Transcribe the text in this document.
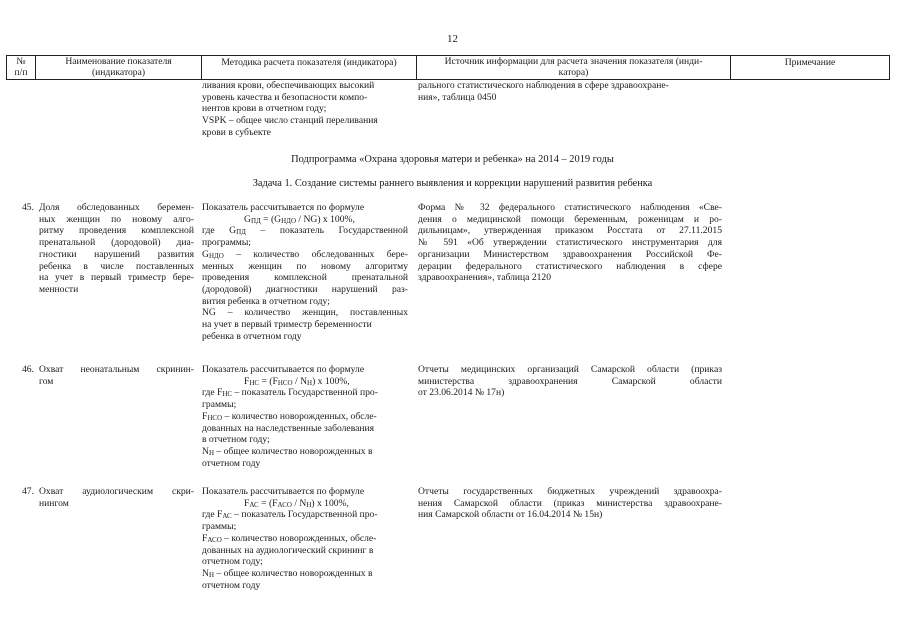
12
№
п/п
Наименование показателя
(индикатора)
Методика расчета показателя (индикатора)	Источник информации для расчета значения показателя (инди-
катора)
Примечание
ливания крови, обеспечивающих высокий
уровень качества и безопасности компо-
нентов крови в отчетном году;
VSPK – общее число станций переливания
крови в субъекте
рального статистического наблюдения в сфере здравоохране-
ния», таблица 0450
Подпрограмма «Охрана здоровья матери и ребенка» на 2014 – 2019 годы
Задача 1. Создание системы раннего выявления и коррекции нарушений развития ребенка
45. Доля обследованных беремен-
ных женщин по новому алго-
ритму проведения комплексной
пренатальной (дородовой) диа-
гностики нарушений развития
ребенка в числе поставленных
на учет в первый триместр бере-
менности
Показатель рассчитывается по формуле
$G_{ПД} = (G_{НДО} / NG)$ x 100%,
где $G_{ПД}$ – показатель Государственной
программы;
$G_{НДО}$ – количество обследованных бере-
менных женщин по новому алгоритму
проведения комплексной пренатальной
(дородовой) диагностики нарушений раз-
вития ребенка в отчетном году;
NG – количество женщин, поставленных
на учет в первый триместр беременности
ребенка в отчетном году
Форма № 32 федерального статистического наблюдения «Све-
дения о медицинской помощи беременным, роженицам и ро-
дильницам», утвержденная приказом Росстата от 27.11.2015
№ 591 «Об утверждении статистического инструментария для
организации Министерством здравоохранения Российской Фе-
дерации федерального статистического наблюдения в сфере
здравоохранения», таблица 2120
46. Охват неонатальным скринин-
гом
Показатель рассчитывается по формуле
$F_{НС} = (F_{НСО} / N_Н)$ x 100%,
где $F_{НС}$ – показатель Государственной про-
граммы;
$F_{НСО}$ – количество новорожденных, обсле-
дованных на наследственные заболевания
в отчетном году;
$N_Н$ – общее количество новорожденных в
отчетном году
Отчеты медицинских организаций Самарской области (приказ
министерства здравоохранения Самарской области
от 23.06.2014 № 17н)
47. Охват аудиологическим скри-
нингом
Показатель рассчитывается по формуле
$F_{АС} = (F_{АСО} / N_Н)$ x 100%,
где $F_{АС}$ – показатель Государственной про-
граммы;
$F_{АСО}$ – количество новорожденных, обсле-
дованных на аудиологический скрининг в
отчетном году;
$N_Н$ – общее количество новорожденных в
отчетном году
Отчеты государственных бюджетных учреждений здравоохра-
нения Самарской области (приказ министерства здравоохране-
ния Самарской области от 16.04.2014 № 15н)
